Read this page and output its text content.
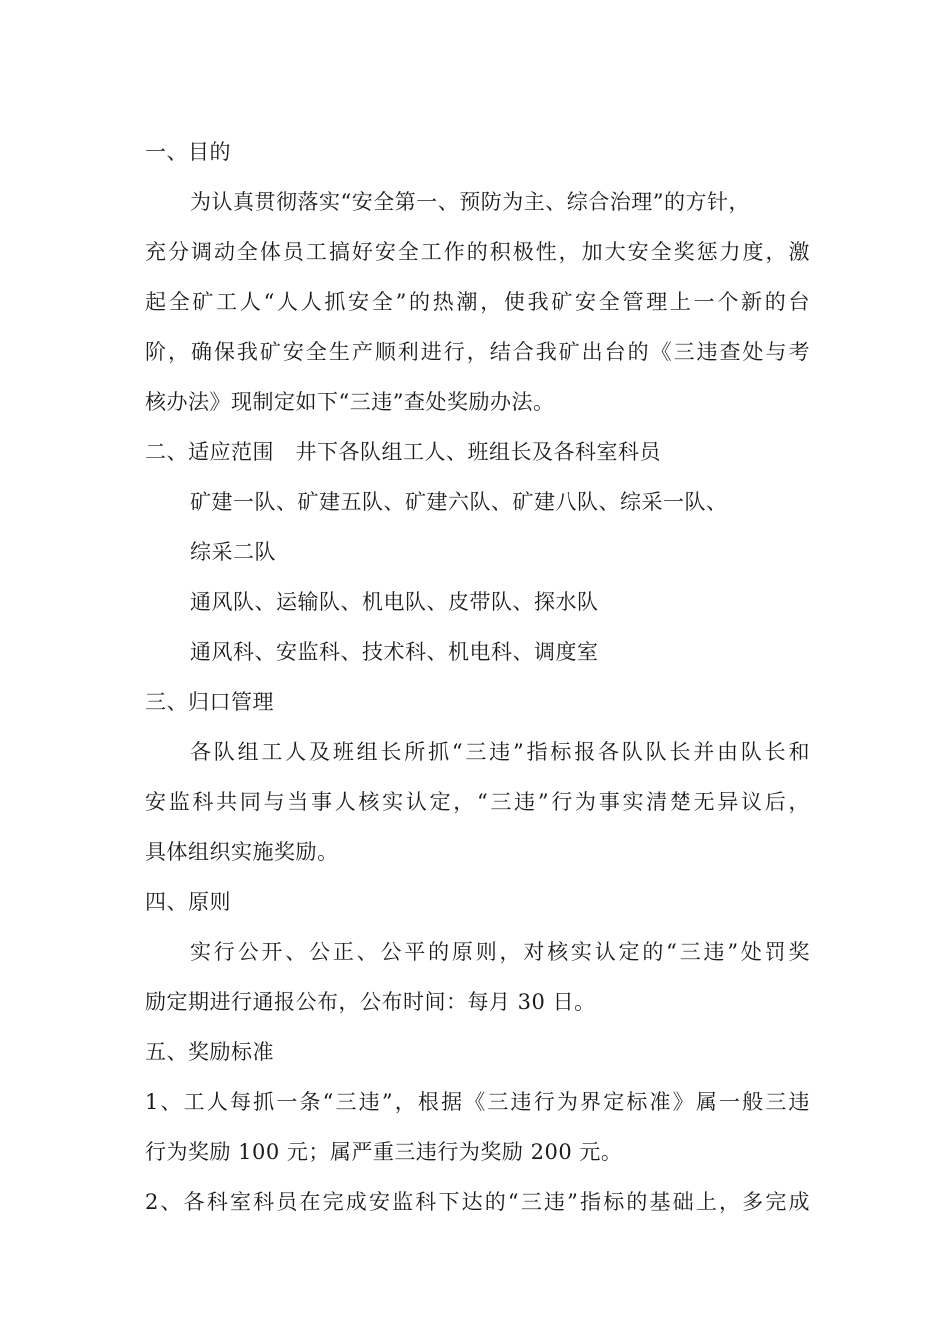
一、目的
为认真贯彻落实“安全第一、预防为主、综合治理”的方针，
充分调动全体员工搞好安全工作的积极性，加大安全奖惩力度，激
起全矿工人“人人抓安全”的热潮，使我矿安全管理上一个新的台
阶，确保我矿安全生产顺利进行，结合我矿出台的《三违查处与考
核办法》现制定如下“三违”查处奖励办法。
二、适应范围　井下各队组工人、班组长及各科室科员
矿建一队、矿建五队、矿建六队、矿建八队、综采一队、
综采二队
通风队、运输队、机电队、皮带队、探水队
通风科、安监科、技术科、机电科、调度室
三、归口管理
各队组工人及班组长所抓“三违”指标报各队队长并由队长和
安监科共同与当事人核实认定，“三违”行为事实清楚无异议后，
具体组织实施奖励。
四、原则
实行公开、公正、公平的原则，对核实认定的“三违”处罚奖
励定期进行通报公布，公布时间：每月 30 日。
五、奖励标准
1、工人每抓一条“三违”，根据《三违行为界定标准》属一般三违
行为奖励 100 元；属严重三违行为奖励 200 元。
2、各科室科员在完成安监科下达的“三违”指标的基础上，多完成
